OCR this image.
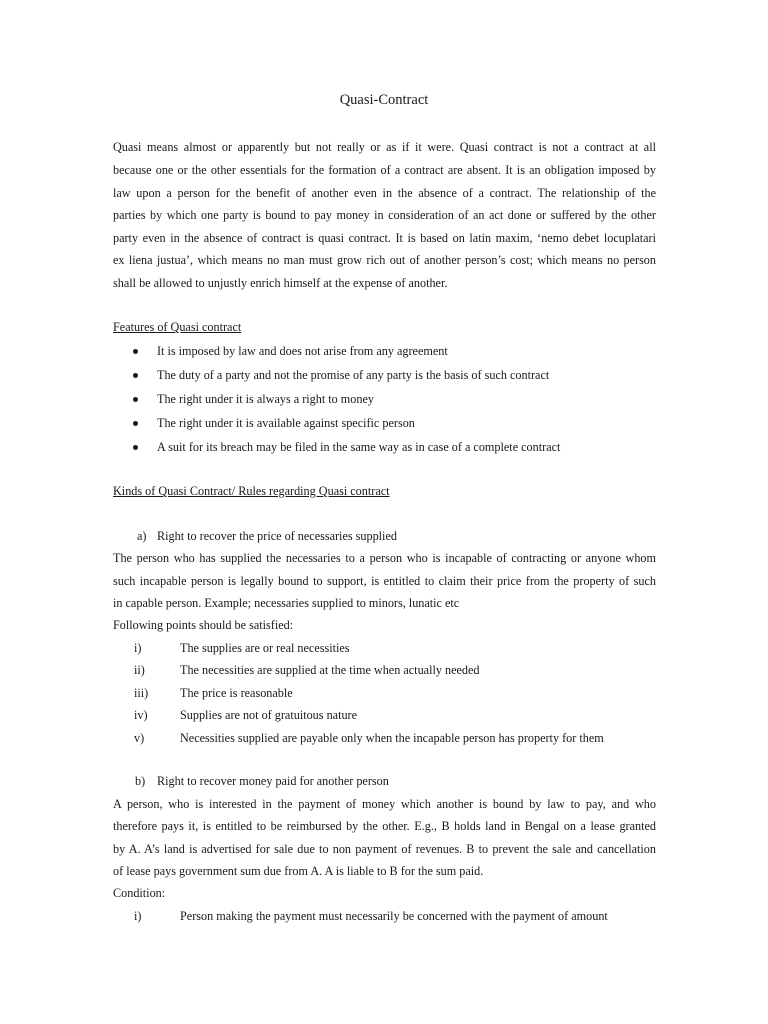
Quasi-Contract
Quasi means almost or apparently but not really or as if it were. Quasi contract is not a contract at all
because one or the other essentials for the formation of a contract are absent. It is an obligation imposed by
law upon a person for the benefit of another even in the absence of a contract. The relationship of the
parties by which one party is bound to pay money in consideration of an act done or suffered by the other
party even in the absence of contract is quasi contract. It is based on latin maxim, ‘nemo debet locuplatari
ex liena justua’, which means no man must grow rich out of another person’s cost; which means no person
shall be allowed to unjustly enrich himself at the expense of another.
Features of Quasi contract
It is imposed by law and does not arise from any agreement
The duty of a party and not the promise of any party is the basis of such contract
The right under it is always a right to money
The right under it is available against specific person
A suit for its breach may be filed in the same way as in case of a complete contract
Kinds of Quasi Contract/ Rules regarding Quasi contract
a) Right to recover the price of necessaries supplied
The person who has supplied the necessaries to a person who is incapable of contracting or anyone whom
such incapable person is legally bound to support, is entitled to claim their price from the property of such
in capable person. Example; necessaries supplied to minors, lunatic etc
Following points should be satisfied:
i)	The supplies are or real necessities
ii)	The necessities are supplied at the time when actually needed
iii)	The price is reasonable
iv)	Supplies are not of gratuitous nature
v)	Necessities supplied are payable only when the incapable person has property for them
b) Right to recover money paid for another person
A person, who is interested in the payment of money which another is bound by law to pay, and who
therefore pays it, is entitled to be reimbursed by the other. E.g., B holds land in Bengal on a lease granted
by A. A’s land is advertised for sale due to non payment of revenues. B to prevent the sale and cancellation
of lease pays government sum due from A. A is liable to B for the sum paid.
Condition:
i)	Person making the payment must necessarily be concerned with the payment of amount
